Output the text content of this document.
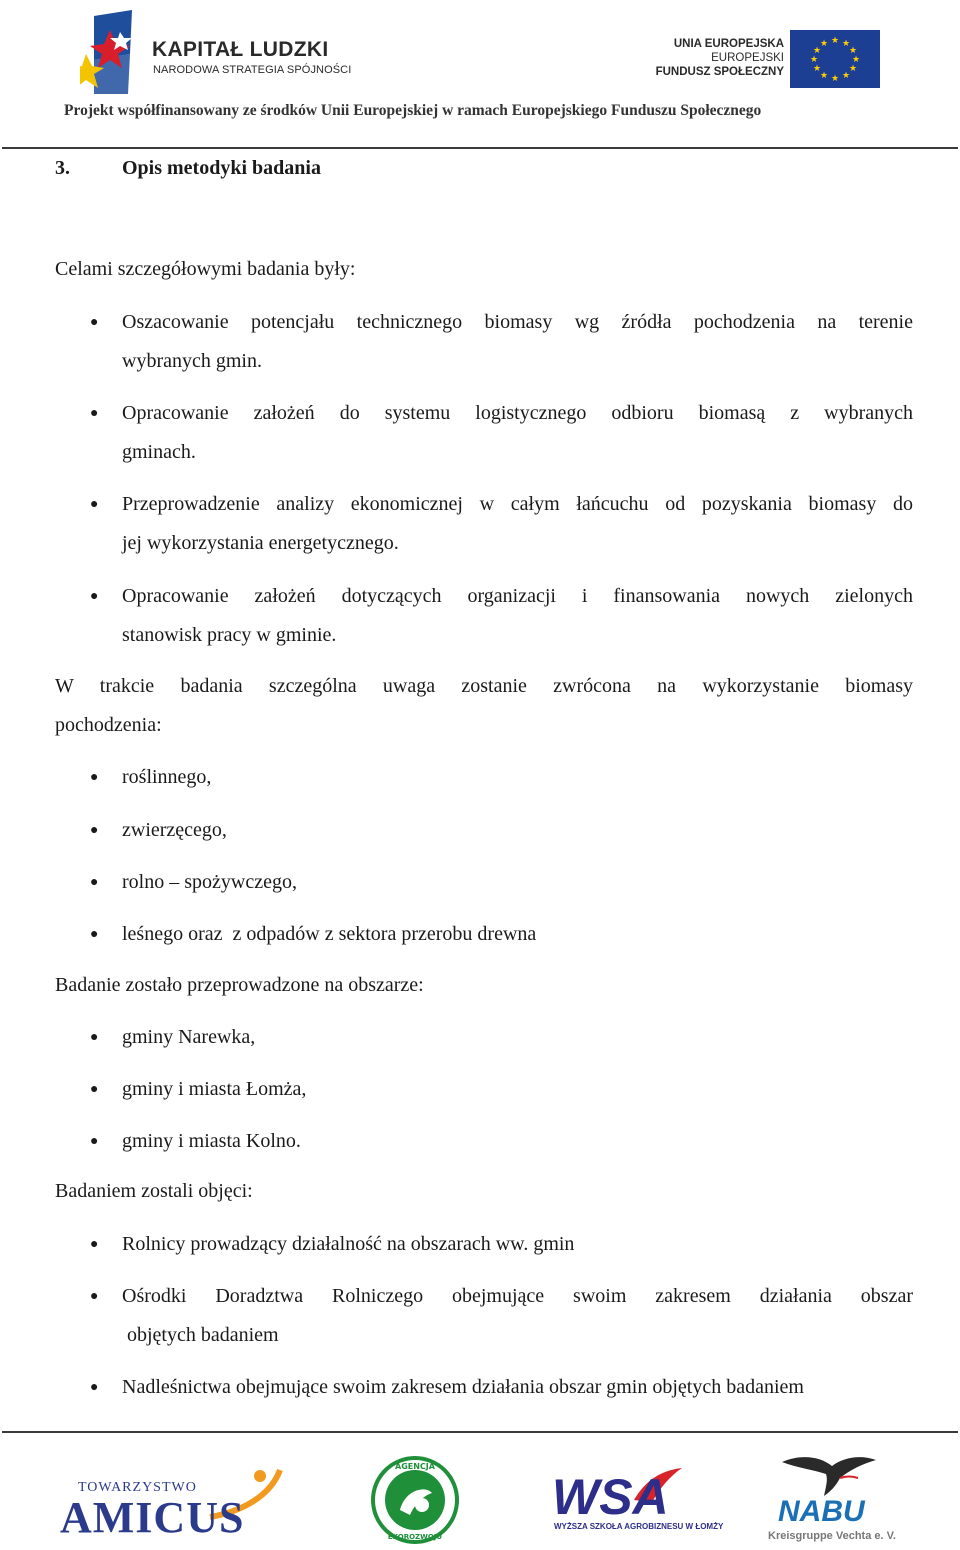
KAPITAŁ LUDZKI
NARODOWA STRATEGIA SPÓJNOŚCI
UNIA EUROPEJSKA
EUROPEJSKI
FUNDUSZ SPOŁECZNY
★ ★
★
★
★
★
★
★
★
★
★
★
Projekt współfinansowany ze środków Unii Europejskiej w ramach Europejskiego Funduszu Społecznego
3.	Opis metodyki badania
Celami szczegółowymi badania były:
●	Oszacowanie potencjału technicznego biomasy wg źródła pochodzenia na terenie
wybranych gmin.
●	Opracowanie założeń do systemu logistycznego odbioru biomasą z wybranych
gminach.
●	Przeprowadzenie analizy ekonomicznej w całym łańcuchu od pozyskania biomasy do
jej wykorzystania energetycznego.
●	Opracowanie założeń dotyczących organizacji i finansowania nowych zielonych
stanowisk pracy w gminie.
W trakcie badania szczególna uwaga zostanie zwrócona na wykorzystanie biomasy
pochodzenia:
●	roślinnego,
●	zwierzęcego,
●	rolno – spożywczego,
●	leśnego oraz  z odpadów z sektora przerobu drewna
Badanie zostało przeprowadzone na obszarze:
●	gminy Narewka,
●	gminy i miasta Łomża,
●	gminy i miasta Kolno.
Badaniem zostali objęci:
●	Rolnicy prowadzący działalność na obszarach ww. gmin
●	Ośrodki Doradztwa Rolniczego obejmujące swoim zakresem działania obszar
objętych badaniem
●	Nadleśnictwa obejmujące swoim zakresem działania obszar gmin objętych badaniem
TOWARZYSTWO
AMICUS
AGENCJA
EKOROZWOJU
WSA
WYŻSZA SZKOŁA AGROBIZNESU W ŁOMŻY NABU
Kreisgruppe Vechta e. V.
